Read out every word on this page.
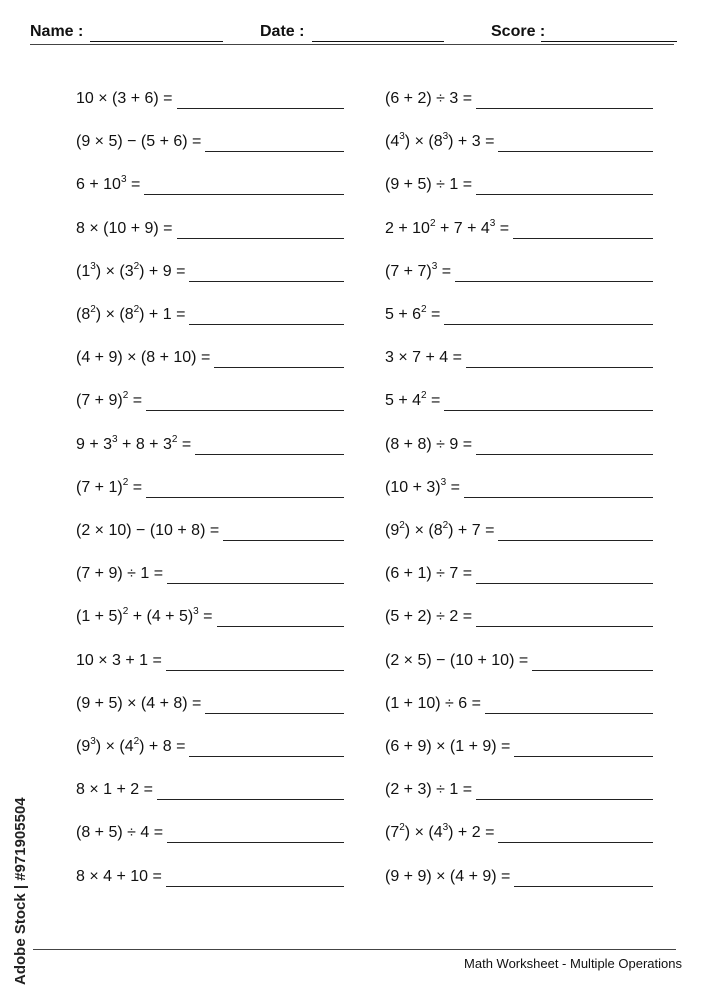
Name :	Date :	Score :
10 × (3 + 6) =
(9 × 5) − (5 + 6) =
$6 + 10^3$ =
8 × (10 + 9) =
$(1^3) \times (3^2) + 9$ =
$(8^2) \times (8^2) + 1$ =
(4 + 9) × (8 + 10) =
$(7 + 9)^2$ =
$9 + 3^3 + 8 + 3^2$ =
$(7 + 1)^2$ =
(2 × 10) − (10 + 8) =
(7 + 9) ÷ 1 =
$(1 + 5)^2 + (4 + 5)^3$ =
10 × 3 + 1 =
(9 + 5) × (4 + 8) =
$(9^3) \times (4^2) + 8$ =
8 × 1 + 2 =
(8 + 5) ÷ 4 =
8 × 4 + 10 =
(6 + 2) ÷ 3 =
$(4^3) \times (8^3) + 3$ =
(9 + 5) ÷ 1 =
$2 + 10^2 + 7 + 4^3$ =
$(7 + 7)^3$ =
$5 + 6^2$ =
3 × 7 + 4 =
$5 + 4^2$ =
(8 + 8) ÷ 9 =
$(10 + 3)^3$ =
$(9^2) \times (8^2) + 7$ =
(6 + 1) ÷ 7 =
(5 + 2) ÷ 2 =
(2 × 5) − (10 + 10) =
(1 + 10) ÷ 6 =
(6 + 9) × (1 + 9) =
(2 + 3) ÷ 1 =
$(7^2) \times (4^3) + 2$ =
(9 + 9) × (4 + 9) =
Math Worksheet - Multiple Operations
Adobe Stock | #971905504
